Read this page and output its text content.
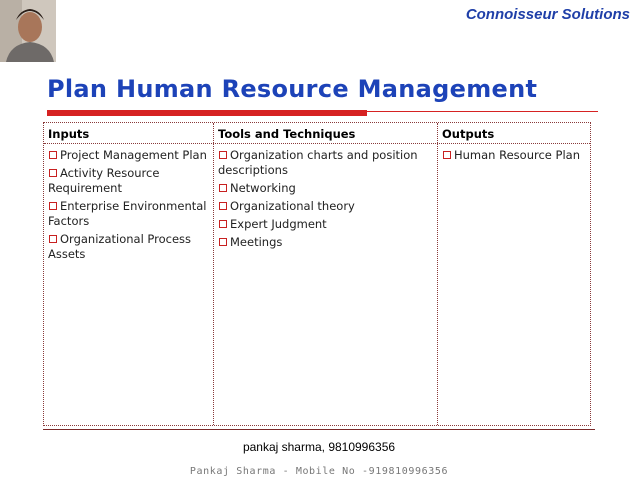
Connoisseur Solutions
Plan Human Resource Management
Inputs
Project Management Plan
Activity Resource Requirement
Enterprise Environmental Factors
Organizational Process Assets
Tools and Techniques
Organization charts and position descriptions
Networking
Organizational theory
Expert Judgment
Meetings
Outputs
Human Resource Plan
pankaj sharma, 9810996356
Pankaj Sharma - Mobile No -919810996356
